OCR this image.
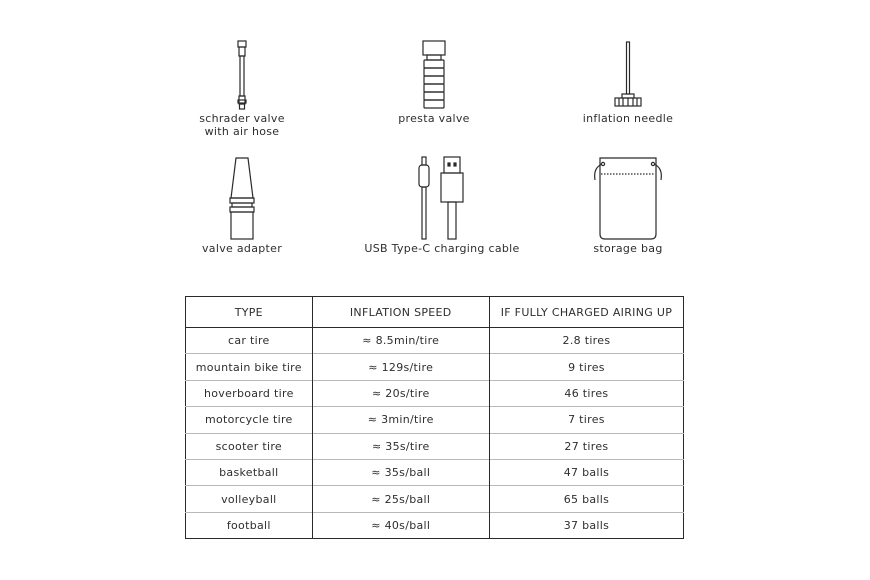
schrader valve
with air hose
presta valve	inflation needle
valve adapter	USB Type-C charging cable	storage bag
TYPE	INFLATION SPEED	IF FULLY CHARGED AIRING UP
car tire	≈ 8.5min/tire	2.8 tires
mountain bike tire	≈ 129s/tire	9 tires
hoverboard tire	≈ 20s/tire	46 tires
motorcycle tire	≈ 3min/tire	7 tires
scooter tire	≈ 35s/tire	27 tires
basketball	≈ 35s/ball	47 balls
volleyball	≈ 25s/ball	65 balls
football	≈ 40s/ball	37 balls
